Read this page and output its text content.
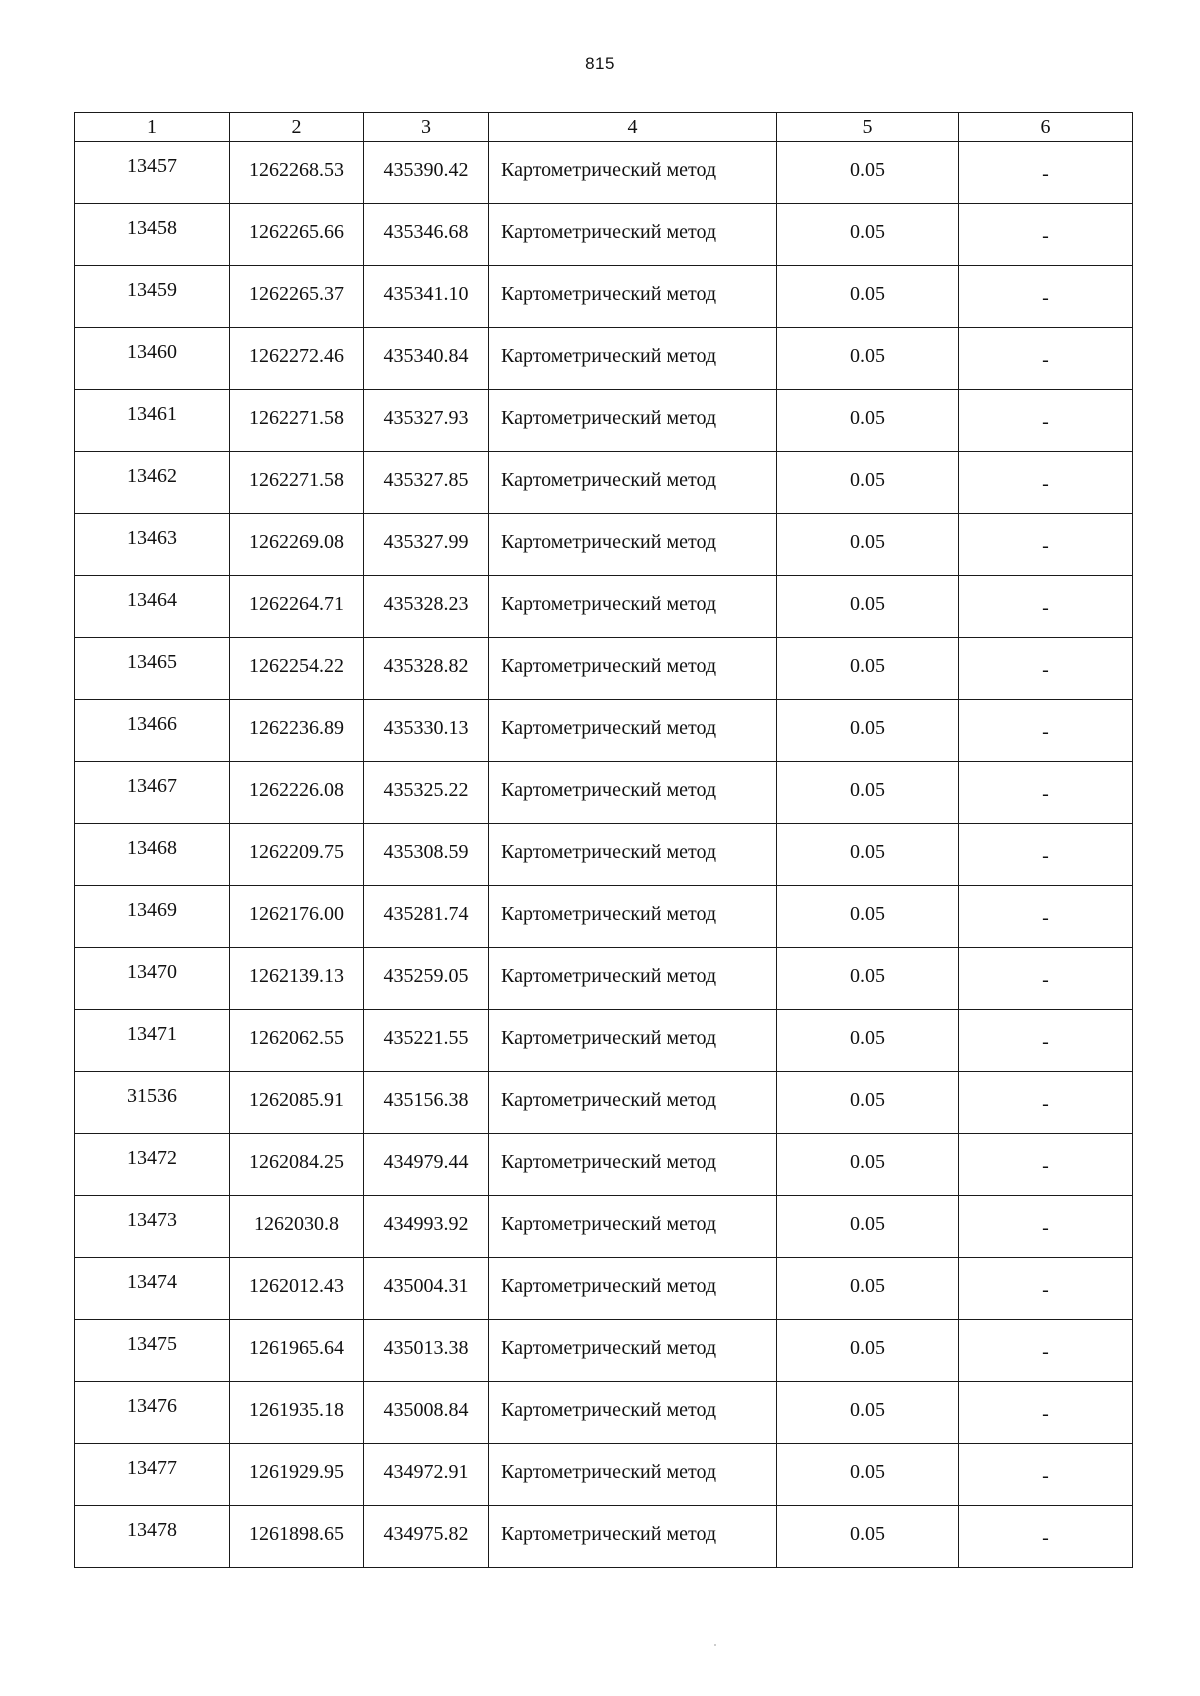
815
1	2	3	4	5	6
13457	1262268.53	435390.42	Картометрический метод	0.05	-
13458	1262265.66	435346.68	Картометрический метод	0.05	-
13459	1262265.37	435341.10	Картометрический метод	0.05	-
13460	1262272.46	435340.84	Картометрический метод	0.05	-
13461	1262271.58	435327.93	Картометрический метод	0.05	-
13462	1262271.58	435327.85	Картометрический метод	0.05	-
13463	1262269.08	435327.99	Картометрический метод	0.05	-
13464	1262264.71	435328.23	Картометрический метод	0.05	-
13465	1262254.22	435328.82	Картометрический метод	0.05	-
13466	1262236.89	435330.13	Картометрический метод	0.05	-
13467	1262226.08	435325.22	Картометрический метод	0.05	-
13468	1262209.75	435308.59	Картометрический метод	0.05	-
13469	1262176.00	435281.74	Картометрический метод	0.05	-
13470	1262139.13	435259.05	Картометрический метод	0.05	-
13471	1262062.55	435221.55	Картометрический метод	0.05	-
31536	1262085.91	435156.38	Картометрический метод	0.05	-
13472	1262084.25	434979.44	Картометрический метод	0.05	-
13473	1262030.8	434993.92	Картометрический метод	0.05	-
13474	1262012.43	435004.31	Картометрический метод	0.05	-
13475	1261965.64	435013.38	Картометрический метод	0.05	-
13476	1261935.18	435008.84	Картометрический метод	0.05	-
13477	1261929.95	434972.91	Картометрический метод	0.05	-
13478	1261898.65	434975.82	Картометрический метод	0.05	-
